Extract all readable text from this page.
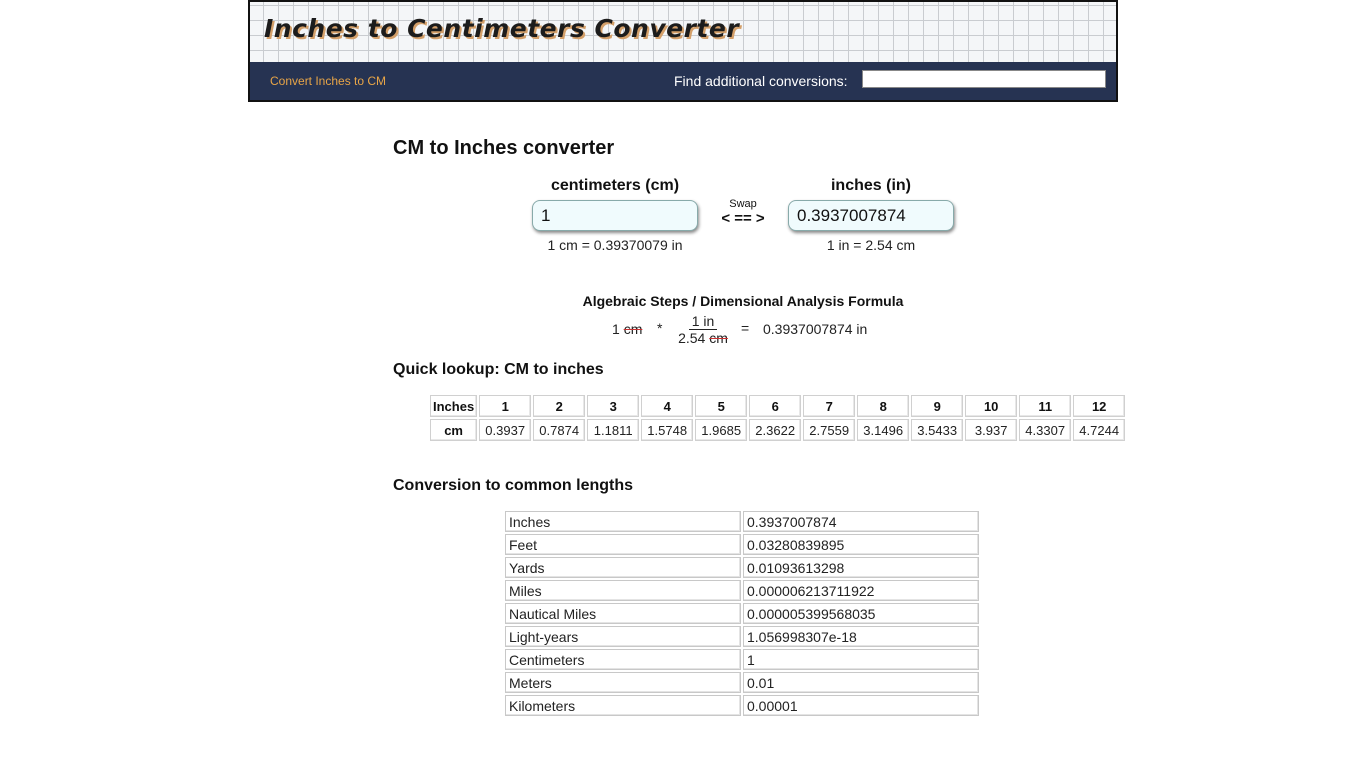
Inches to Centimeters Converter
Convert Inches to CM	Find additional conversions:
CM to Inches converter
centimeters (cm)	inches (in)
1
Swap
< == >
0.3937007874
1 cm = 0.39370079 in	1 in = 2.54 cm
Algebraic Steps / Dimensional Analysis Formula
1 cm * $\frac{1 in}{2.54 cm} = 0.3937007874$ in
Quick lookup: CM to inches
Inches	1	2	3	4	5	6	7	8	9	10	11	12
cm	0.3937	0.7874	1.1811	1.5748	1.9685	2.3622	2.7559	3.1496	3.5433	3.937	4.3307	4.7244
Conversion to common lengths
Inches	0.3937007874
Feet	0.03280839895
Yards	0.01093613298
Miles	0.000006213711922
Nautical Miles	0.000005399568035
Light-years	1.056998307e-18
Centimeters	1
Meters	0.01
Kilometers	0.00001
